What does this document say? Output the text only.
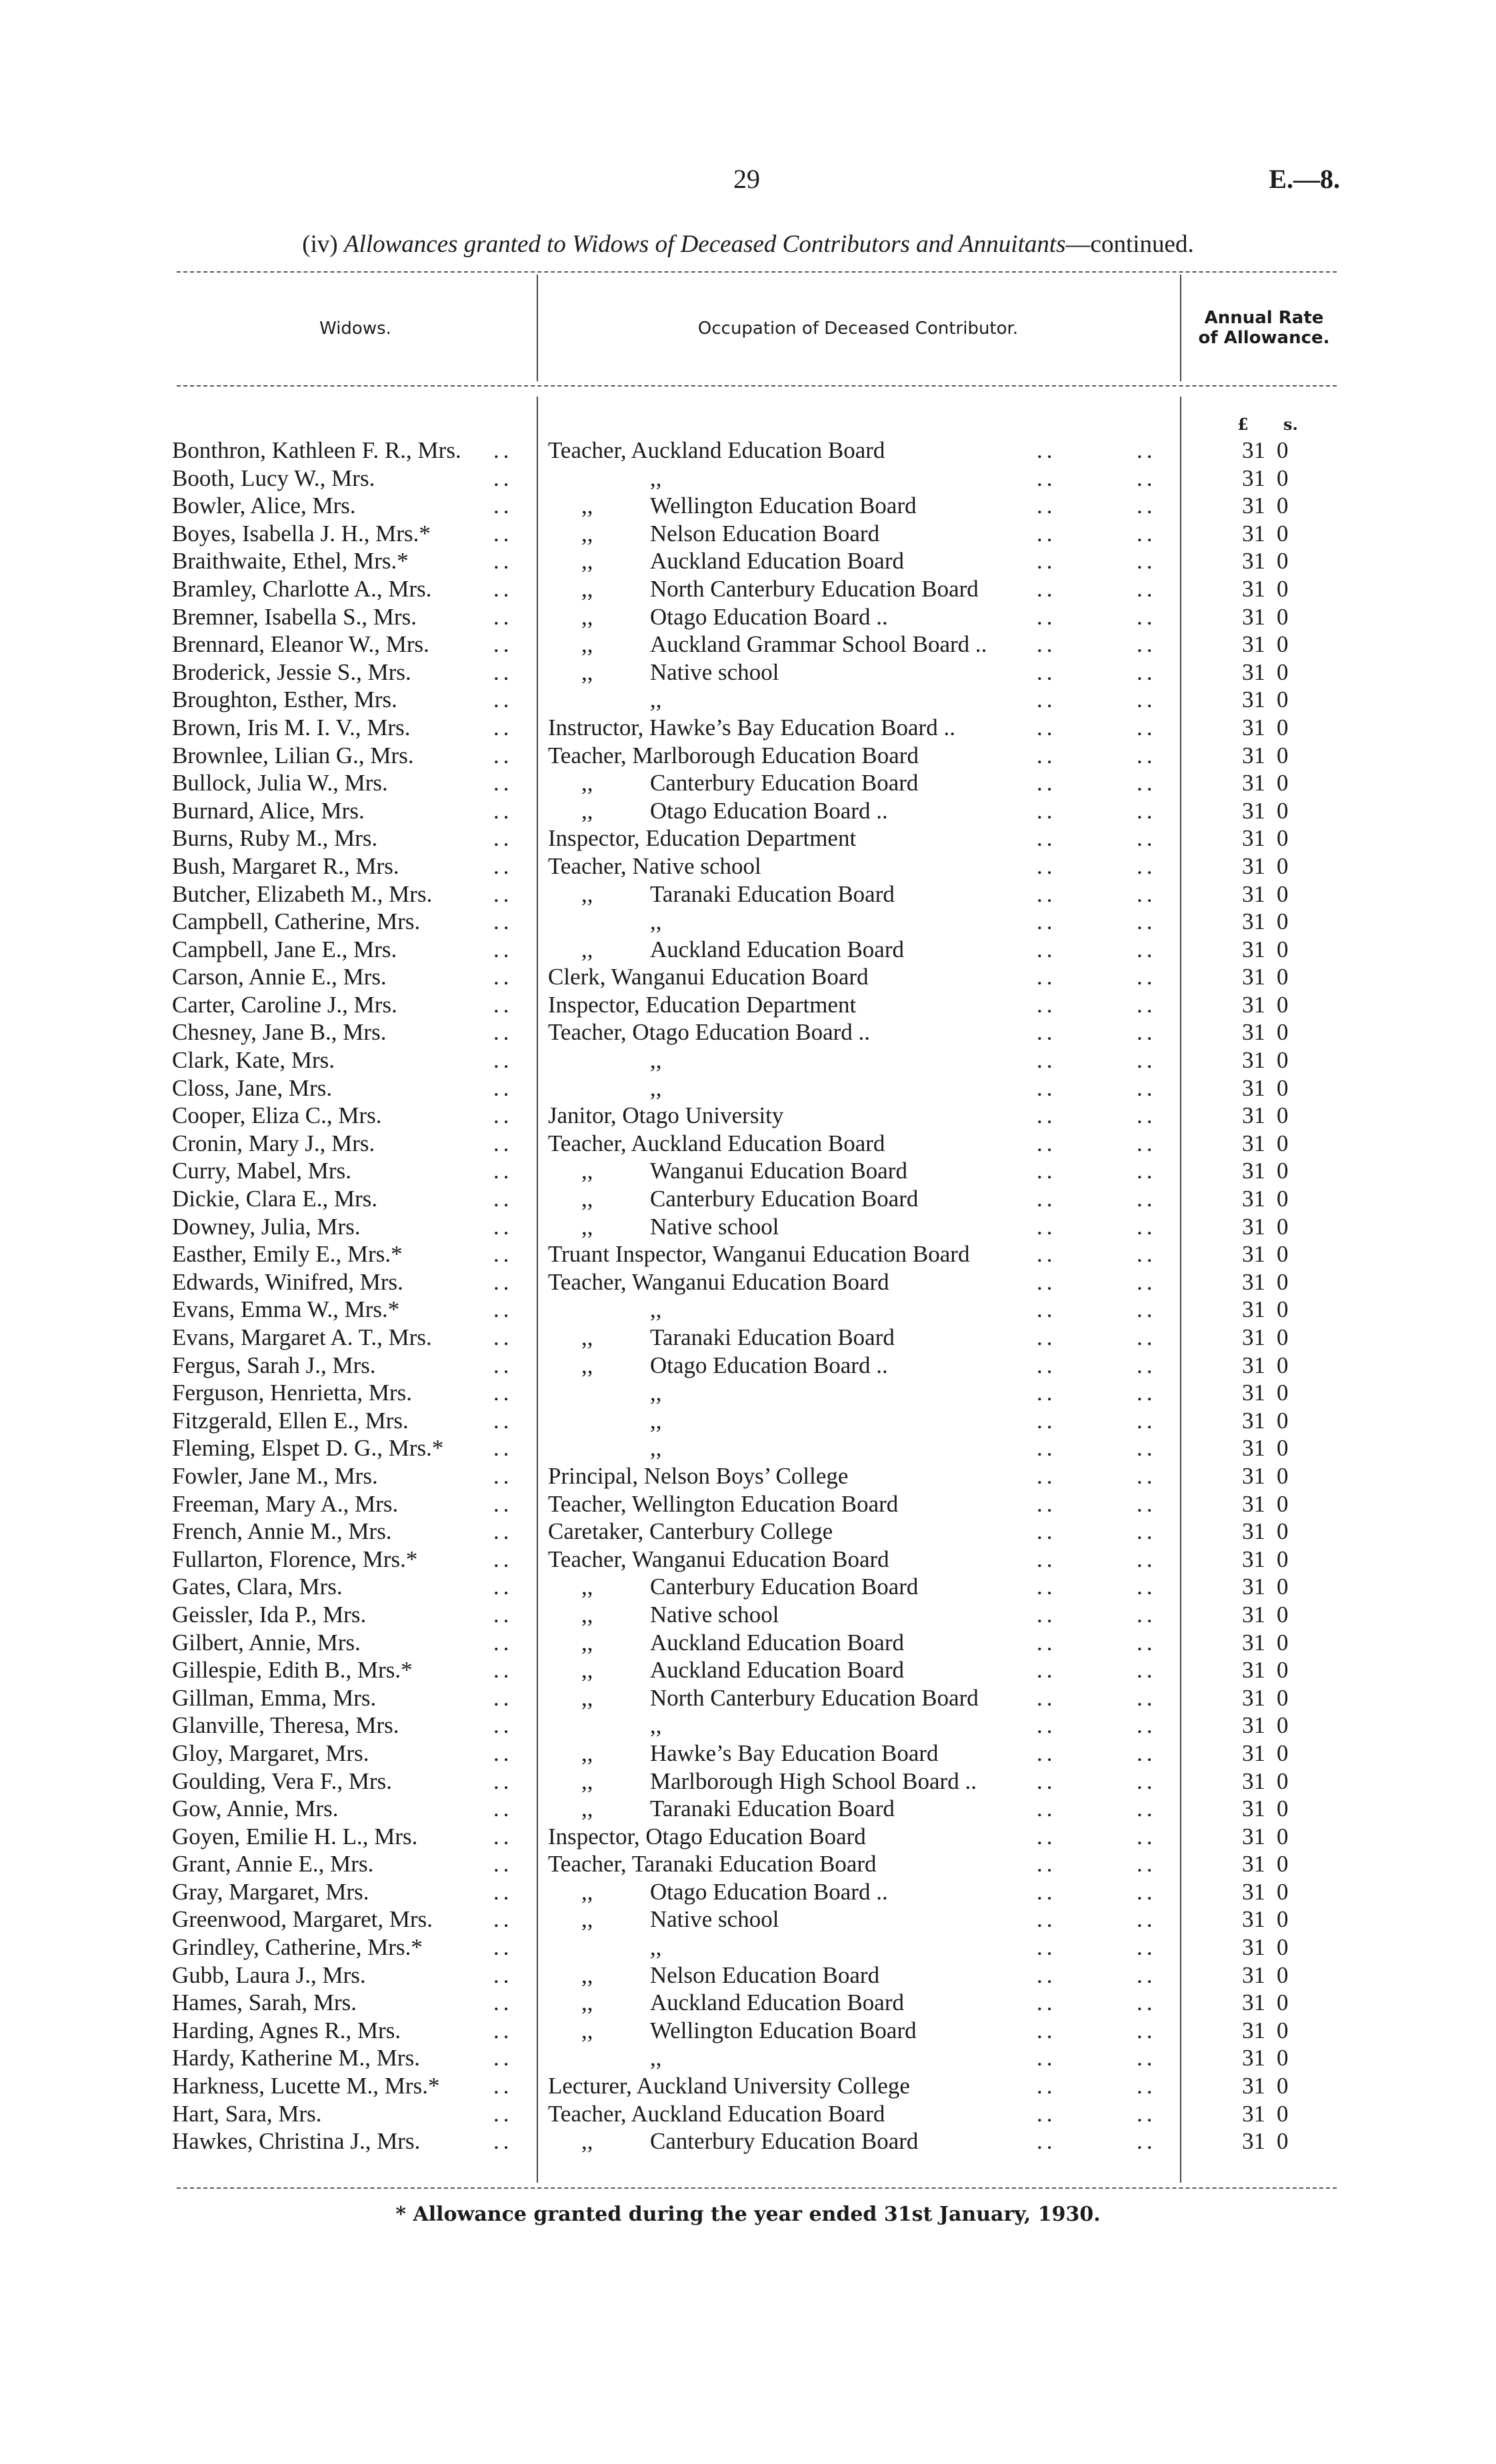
29	E.—8.
(iv) Allowances granted to Widows of Deceased Contributors and Annuitants—continued.
Widows.	Occupation of Deceased Contributor.
Annual Rate
of Allowance.
£ s.
Bonthron, Kathleen F. R., Mrs. .. Teacher, Auckland Education Board	..	..	31 0
Booth, Lucy W., Mrs.	..	,,	..	..	31 0
Bowler, Alice, Mrs.	..	,, Wellington Education Board	..	..	31 0
Boyes, Isabella J. H., Mrs.*	..	,, Nelson Education Board	..	..	31 0
Braithwaite, Ethel, Mrs.*	..	,, Auckland Education Board	..	..	31 0
Bramley, Charlotte A., Mrs.	..	,, North Canterbury Education Board ..	..	31 0
Bremner, Isabella S., Mrs.	..	,, Otago Education Board ..	..	..	31 0
Brennard, Eleanor W., Mrs.	..	,, Auckland Grammar School Board .. ..	..	31 0
Broderick, Jessie S., Mrs.	..	,, Native school	..	..	31 0
Broughton, Esther, Mrs.	..	,,	..	..	31 0
Brown, Iris M. I. V., Mrs.	.. Instructor, Hawke’s Bay Education Board ..	..	..	31 0
Brownlee, Lilian G., Mrs.	.. Teacher, Marlborough Education Board	..	..	31 0
Bullock, Julia W., Mrs.	..	,, Canterbury Education Board	..	..	31 0
Burnard, Alice, Mrs.	..	,, Otago Education Board ..	..	..	31 0
Burns, Ruby M., Mrs.	.. Inspector, Education Department	..	..	31 0
Bush, Margaret R., Mrs.	.. Teacher, Native school	..	..	31 0
Butcher, Elizabeth M., Mrs.	..	,, Taranaki Education Board	..	..	31 0
Campbell, Catherine, Mrs.	..	,,	..	..	31 0
Campbell, Jane E., Mrs.	..	,, Auckland Education Board	..	..	31 0
Carson, Annie E., Mrs.	.. Clerk, Wanganui Education Board	..	..	31 0
Carter, Caroline J., Mrs.	.. Inspector, Education Department	..	..	31 0
Chesney, Jane B., Mrs.	.. Teacher, Otago Education Board ..	..	..	31 0
Clark, Kate, Mrs.	..	,,	..	..	31 0
Closs, Jane, Mrs.	..	,,	..	..	31 0
Cooper, Eliza C., Mrs.	.. Janitor, Otago University	..	..	31 0
Cronin, Mary J., Mrs.	.. Teacher, Auckland Education Board	..	..	31 0
Curry, Mabel, Mrs.	..	,, Wanganui Education Board	..	..	31 0
Dickie, Clara E., Mrs.	..	,, Canterbury Education Board	..	..	31 0
Downey, Julia, Mrs.	..	,, Native school	..	..	31 0
Easther, Emily E., Mrs.*	.. Truant Inspector, Wanganui Education Board	..	..	31 0
Edwards, Winifred, Mrs.	.. Teacher, Wanganui Education Board	..	..	31 0
Evans, Emma W., Mrs.*	..	,,	..	..	31 0
Evans, Margaret A. T., Mrs.	..	,, Taranaki Education Board	..	..	31 0
Fergus, Sarah J., Mrs.	..	,, Otago Education Board ..	..	..	31 0
Ferguson, Henrietta, Mrs.	..	,,	..	..	31 0
Fitzgerald, Ellen E., Mrs.	..	,,	..	..	31 0
Fleming, Elspet D. G., Mrs.* ..	,,	..	..	31 0
Fowler, Jane M., Mrs.	.. Principal, Nelson Boys’ College	..	..	31 0
Freeman, Mary A., Mrs.	.. Teacher, Wellington Education Board	..	..	31 0
French, Annie M., Mrs.	.. Caretaker, Canterbury College	..	..	31 0
Fullarton, Florence, Mrs.*	.. Teacher, Wanganui Education Board	..	..	31 0
Gates, Clara, Mrs.	..	,, Canterbury Education Board	..	..	31 0
Geissler, Ida P., Mrs.	..	,, Native school	..	..	31 0
Gilbert, Annie, Mrs.	..	,, Auckland Education Board	..	..	31 0
Gillespie, Edith B., Mrs.*	..	,, Auckland Education Board	..	..	31 0
Gillman, Emma, Mrs.	..	,, North Canterbury Education Board ..	..	31 0
Glanville, Theresa, Mrs.	..	,,	..	..	31 0
Gloy, Margaret, Mrs.	..	,, Hawke’s Bay Education Board	..	..	31 0
Goulding, Vera F., Mrs.	..	,, Marlborough High School Board ..	..	..	31 0
Gow, Annie, Mrs.	..	,, Taranaki Education Board	..	..	31 0
Goyen, Emilie H. L., Mrs.	.. Inspector, Otago Education Board	..	..	31 0
Grant, Annie E., Mrs.	.. Teacher, Taranaki Education Board	..	..	31 0
Gray, Margaret, Mrs.	..	,, Otago Education Board ..	..	..	31 0
Greenwood, Margaret, Mrs.	..	,, Native school	..	..	31 0
Grindley, Catherine, Mrs.*	..	,,	..	..	31 0
Gubb, Laura J., Mrs.	..	,, Nelson Education Board	..	..	31 0
Hames, Sarah, Mrs.	..	,, Auckland Education Board	..	..	31 0
Harding, Agnes R., Mrs.	..	,, Wellington Education Board	..	..	31 0
Hardy, Katherine M., Mrs.	..	,,	..	..	31 0
Harkness, Lucette M., Mrs.* .. Lecturer, Auckland University College	..	..	31 0
Hart, Sara, Mrs.	.. Teacher, Auckland Education Board	..	..	31 0
Hawkes, Christina J., Mrs.	..	,, Canterbury Education Board	..	..	31 0
* Allowance granted during the year ended 31st January, 1930.
